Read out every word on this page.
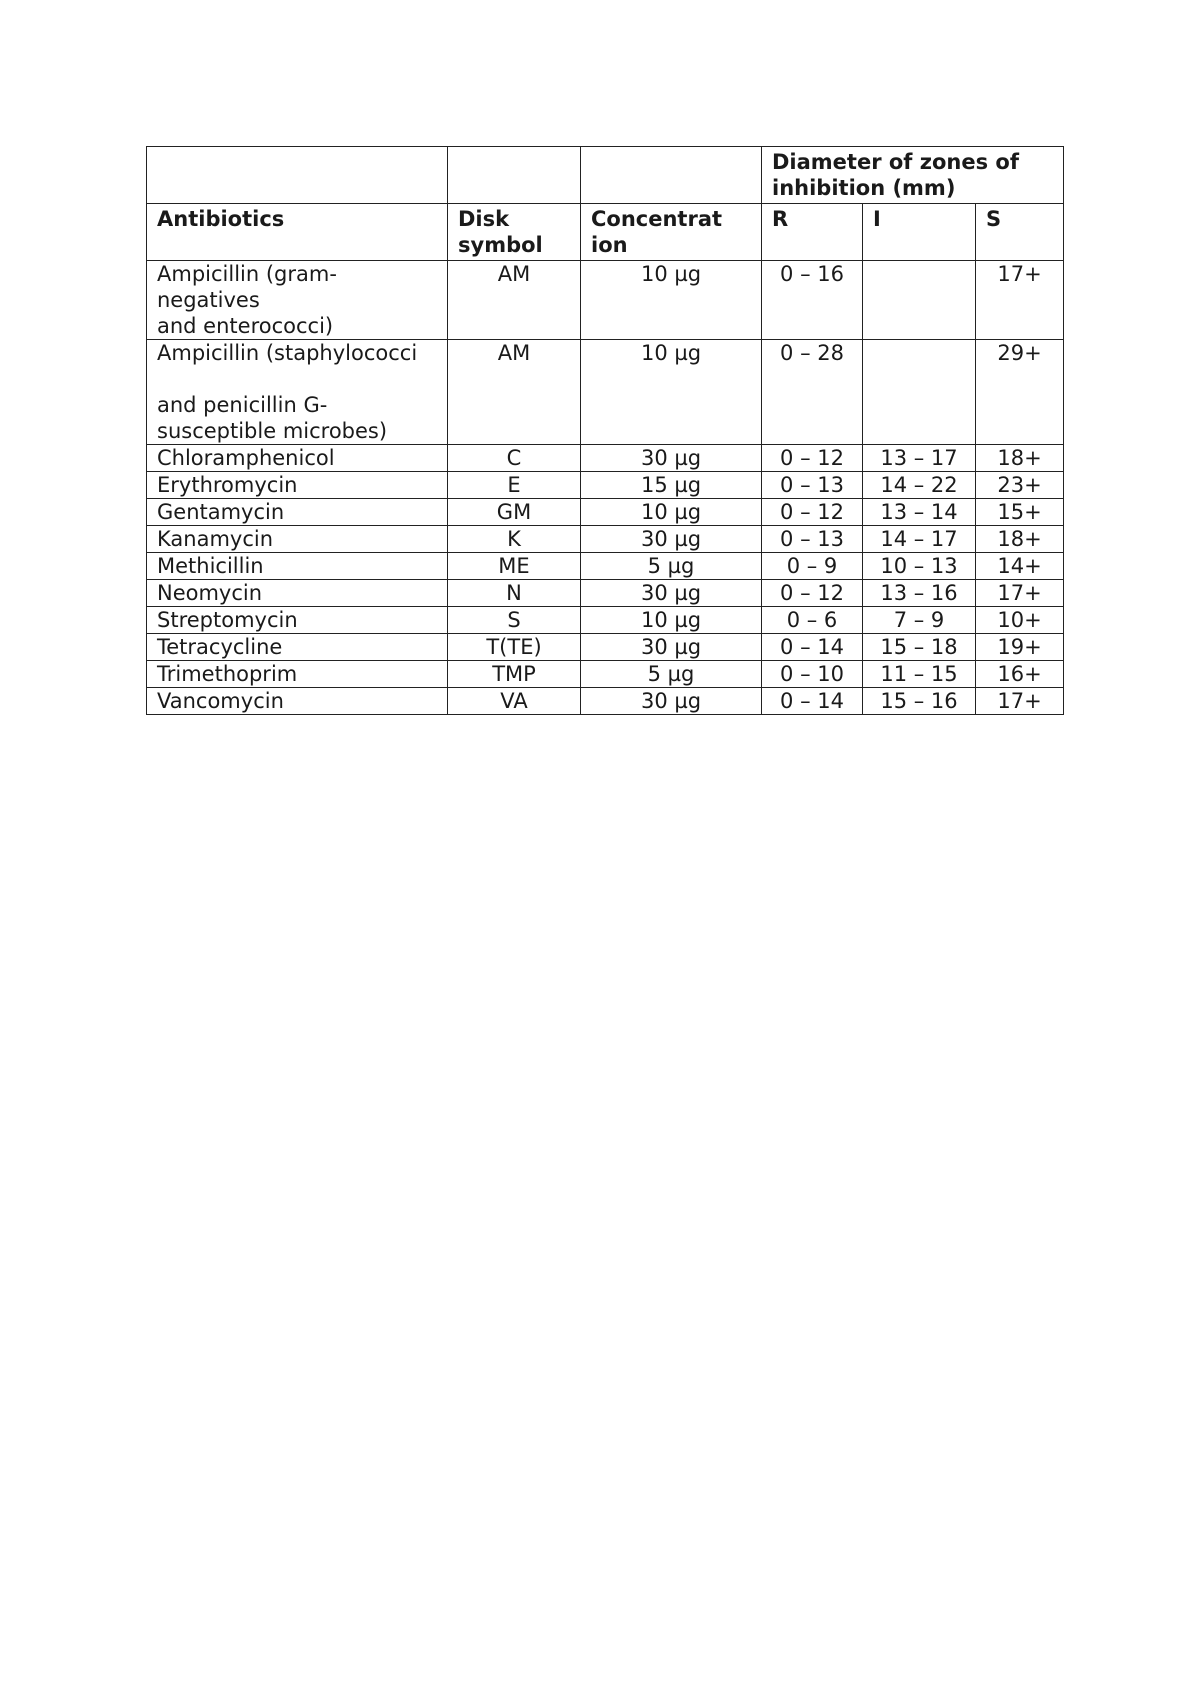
			Diameter of zones of inhibition (mm)		
Antibiotics	Disk symbol	Concentrat ion	R	I	S
Ampicillin (gram-
negatives
and enterococci)	AM	10 µg	0 – 16		17+
Ampicillin (staphylococci

and penicillin G-
susceptible microbes)	AM	10 µg	0 – 28		29+
Chloramphenicol	C	30 µg	0 – 12	13 – 17	18+
Erythromycin	E	15 µg	0 – 13	14 – 22	23+
Gentamycin	GM	10 µg	0 – 12	13 – 14	15+
Kanamycin	K	30 µg	0 – 13	14 – 17	18+
Methicillin	ME	5 µg	0 – 9	10 – 13	14+
Neomycin	N	30 µg	0 – 12	13 – 16	17+
Streptomycin	S	10 µg	0 – 6	7 – 9	10+
Tetracycline	T(TE)	30 µg	0 – 14	15 – 18	19+
Trimethoprim	TMP	5 µg	0 – 10	11 – 15	16+
Vancomycin	VA	30 µg	0 – 14	15 – 16	17+
